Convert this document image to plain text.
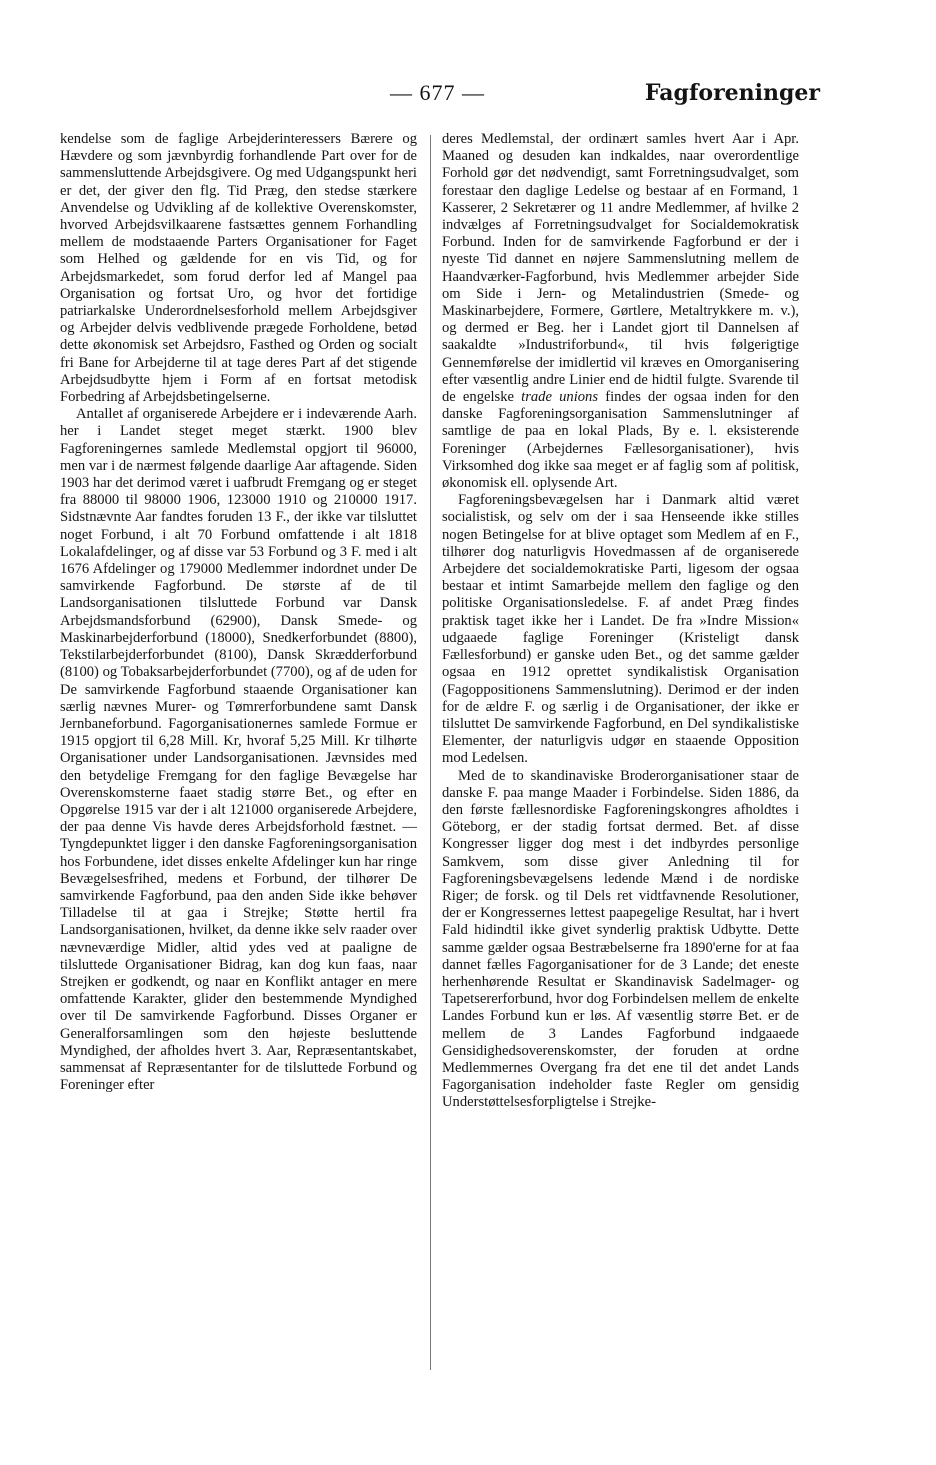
— 677 —	Fagforeninger

kendelse som de faglige Arbejderinteressers Bærere og Hævdere og som jævnbyrdig forhandlende Part over for de sammensluttende Arbejdsgivere. Og med Udgangspunkt heri er det, der giver den flg. Tid Præg, den stedse stærkere Anvendelse og Udvikling af de kollektive Overenskomster, hvorved Arbejdsvilkaarene fastsættes gennem Forhandling mellem de modstaaende Parters Organisationer for Faget som Helhed og gældende for en vis Tid, og for Arbejdsmarkedet, som forud derfor led af Mangel paa Organisation og fortsat Uro, og hvor det fortidige patriarkalske Underordnelsesforhold mellem Arbejdsgiver og Arbejder delvis vedblivende prægede Forholdene, betød dette økonomisk set Arbejdsro, Fasthed og Orden og socialt fri Bane for Arbejderne til at tage deres Part af det stigende Arbejdsudbytte hjem i Form af en fortsat metodisk Forbedring af Arbejdsbetingelserne.

Antallet af organiserede Arbejdere er i indeværende Aarh. her i Landet steget meget stærkt. 1900 blev Fagforeningernes samlede Medlemstal opgjort til 96000, men var i de nærmest følgende daarlige Aar aftagende. Siden 1903 har det derimod været i uafbrudt Fremgang og er steget fra 88000 til 98000 1906, 123000 1910 og 210000 1917. Sidstnævnte Aar fandtes foruden 13 F., der ikke var tilsluttet noget Forbund, i alt 70 Forbund omfattende i alt 1818 Lokalafdelinger, og af disse var 53 Forbund og 3 F. med i alt 1676 Afdelinger og 179000 Medlemmer indordnet under De samvirkende Fagforbund. De største af de til Landsorganisationen tilsluttede Forbund var Dansk Arbejdsmandsforbund (62900), Dansk Smede- og Maskinarbejderforbund (18000), Snedkerforbundet (8800), Tekstilarbejderforbundet (8100), Dansk Skrædderforbund (8100) og Tobaksarbejderforbundet (7700), og af de uden for De samvirkende Fagforbund staaende Organisationer kan særlig nævnes Murer- og Tømrerforbundene samt Dansk Jernbaneforbund. Fagorganisationernes samlede Formue er 1915 opgjort til 6,28 Mill. Kr, hvoraf 5,25 Mill. Kr tilhørte Organisationer under Landsorganisationen. Jævnsides med den betydelige Fremgang for den faglige Bevægelse har Overenskomsterne faaet stadig større Bet., og efter en Opgørelse 1915 var der i alt 121000 organiserede Arbejdere, der paa denne Vis havde deres Arbejdsforhold fæstnet. — Tyngdepunktet ligger i den danske Fagforeningsorganisation hos Forbundene, idet disses enkelte Afdelinger kun har ringe Bevægelsesfrihed, medens et Forbund, der tilhører De samvirkende Fagforbund, paa den anden Side ikke behøver Tilladelse til at gaa i Strejke; Støtte hertil fra Landsorganisationen, hvilket, da denne ikke selv raader over nævneværdige Midler, altid ydes ved at paaligne de tilsluttede Organisationer Bidrag, kan dog kun faas, naar Strejken er godkendt, og naar en Konflikt antager en mere omfattende Karakter, glider den bestemmende Myndighed over til De samvirkende Fagforbund. Disses Organer er Generalforsamlingen som den højeste besluttende Myndighed, der afholdes hvert 3. Aar, Repræsentantskabet, sammensat af Repræsentanter for de tilsluttede Forbund og Foreninger efter

deres Medlemstal, der ordinært samles hvert Aar i Apr. Maaned og desuden kan indkaldes, naar overordentlige Forhold gør det nødvendigt, samt Forretningsudvalget, som forestaar den daglige Ledelse og bestaar af en Formand, 1 Kasserer, 2 Sekretærer og 11 andre Medlemmer, af hvilke 2 indvælges af Forretningsudvalget for Socialdemokratisk Forbund. Inden for de samvirkende Fagforbund er der i nyeste Tid dannet en nøjere Sammenslutning mellem de Haandværker-Fagforbund, hvis Medlemmer arbejder Side om Side i Jern- og Metalindustrien (Smede- og Maskinarbejdere, Formere, Gørtlere, Metaltrykkere m. v.), og dermed er Beg. her i Landet gjort til Dannelsen af saakaldte »Industriforbund«, til hvis følgerigtige Gennemførelse der imidlertid vil kræves en Omorganisering efter væsentlig andre Linier end de hidtil fulgte. Svarende til de engelske trade unions findes der ogsaa inden for den danske Fagforeningsorganisation Sammenslutninger af samtlige de paa en lokal Plads, By e. l. eksisterende Foreninger (Arbejdernes Fællesorganisationer), hvis Virksomhed dog ikke saa meget er af faglig som af politisk, økonomisk ell. oplysende Art.

Fagforeningsbevægelsen har i Danmark altid været socialistisk, og selv om der i saa Henseende ikke stilles nogen Betingelse for at blive optaget som Medlem af en F., tilhører dog naturligvis Hovedmassen af de organiserede Arbejdere det socialdemokratiske Parti, ligesom der ogsaa bestaar et intimt Samarbejde mellem den faglige og den politiske Organisationsledelse. F. af andet Præg findes praktisk taget ikke her i Landet. De fra »Indre Mission« udgaaede faglige Foreninger (Kristeligt dansk Fællesforbund) er ganske uden Bet., og det samme gælder ogsaa en 1912 oprettet syndikalistisk Organisation (Fagoppositionens Sammenslutning). Derimod er der inden for de ældre F. og særlig i de Organisationer, der ikke er tilsluttet De samvirkende Fagforbund, en Del syndikalistiske Elementer, der naturligvis udgør en staaende Opposition mod Ledelsen.

Med de to skandinaviske Broderorganisationer staar de danske F. paa mange Maader i Forbindelse. Siden 1886, da den første fællesnordiske Fagforeningskongres afholdtes i Göteborg, er der stadig fortsat dermed. Bet. af disse Kongresser ligger dog mest i det indbyrdes personlige Samkvem, som disse giver Anledning til for Fagforeningsbevægelsens ledende Mænd i de nordiske Riger; de forsk. og til Dels ret vidtfavnende Resolutioner, der er Kongressernes lettest paapegelige Resultat, har i hvert Fald hidindtil ikke givet synderlig praktisk Udbytte. Dette samme gælder ogsaa Bestræbelserne fra 1890'erne for at faa dannet fælles Fagorganisationer for de 3 Lande; det eneste herhenhørende Resultat er Skandinavisk Sadelmager- og Tapetsererforbund, hvor dog Forbindelsen mellem de enkelte Landes Forbund kun er løs. Af væsentlig større Bet. er de mellem de 3 Landes Fagforbund indgaaede Gensidighedsoverenskomster, der foruden at ordne Medlemmernes Overgang fra det ene til det andet Lands Fagorganisation indeholder faste Regler om gensidig Understøttelsesforpligtelse i Strejke-
